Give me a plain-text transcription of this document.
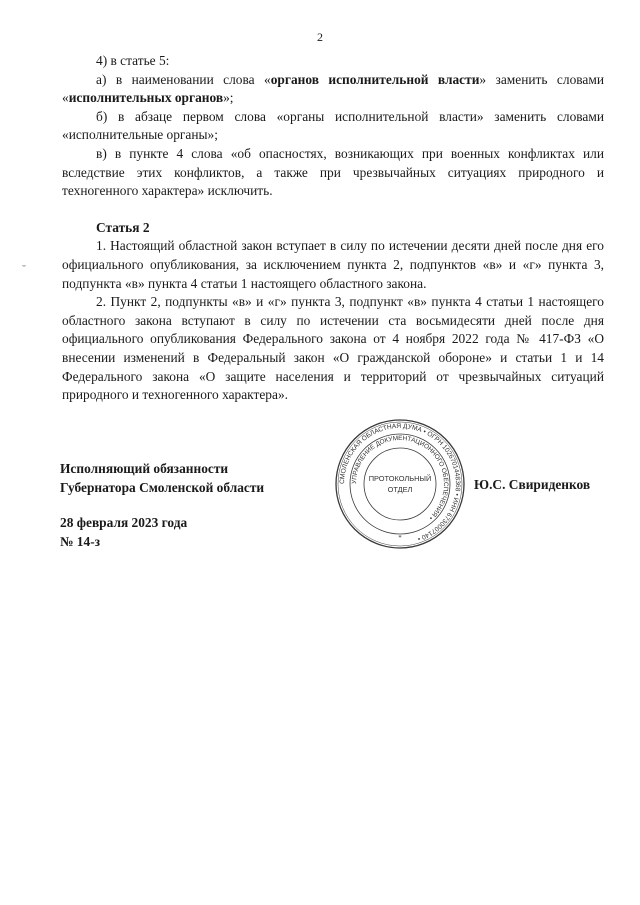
2
˘

4) в статье 5:

а) в наименовании слова «органов исполнительной власти» заменить словами «исполнительных органов»;

б) в абзаце первом слова «органы исполнительной власти» заменить словами «исполнительные органы»;

в) в пункте 4 слова «об опасностях, возникающих при военных конфликтах или вследствие этих конфликтов, а также при чрезвычайных ситуациях природного и техногенного характера» исключить.

Статья 2

1. Настоящий областной закон вступает в силу по истечении десяти дней после дня его официального опубликования, за исключением пункта 2, подпунктов «в» и «г» пункта 3, подпункта «в» пункта 4 статьи 1 настоящего областного закона.

2. Пункт 2, подпункты «в» и «г» пункта 3, подпункт «в» пункта 4 статьи 1 настоящего областного закона вступают в силу по истечении ста восьмидесяти дней после дня официального опубликования Федерального закона от 4 ноября 2022 года № 417-ФЗ «О внесении изменений в Федеральный закон «О гражданской обороне» и статьи 1 и 14 Федерального закона «О защите населения и территорий от чрезвычайных ситуаций природного и техногенного характера».

Исполняющий обязанности
Губернатора Смоленской области	Ю.С. Свириденков
28 февраля 2023 года
№ 14-з
СМОЛЕНСКАЯ ОБЛАСТНАЯ ДУМА • ОГРН 1026701448368 • ИНН 6730007140 •
УПРАВЛЕНИЕ ДОКУМЕНТАЦИОННОГО ОБЕСПЕЧЕНИЯ •
ПРОТОКОЛЬНЫЙ
ОТДЕЛ
*
